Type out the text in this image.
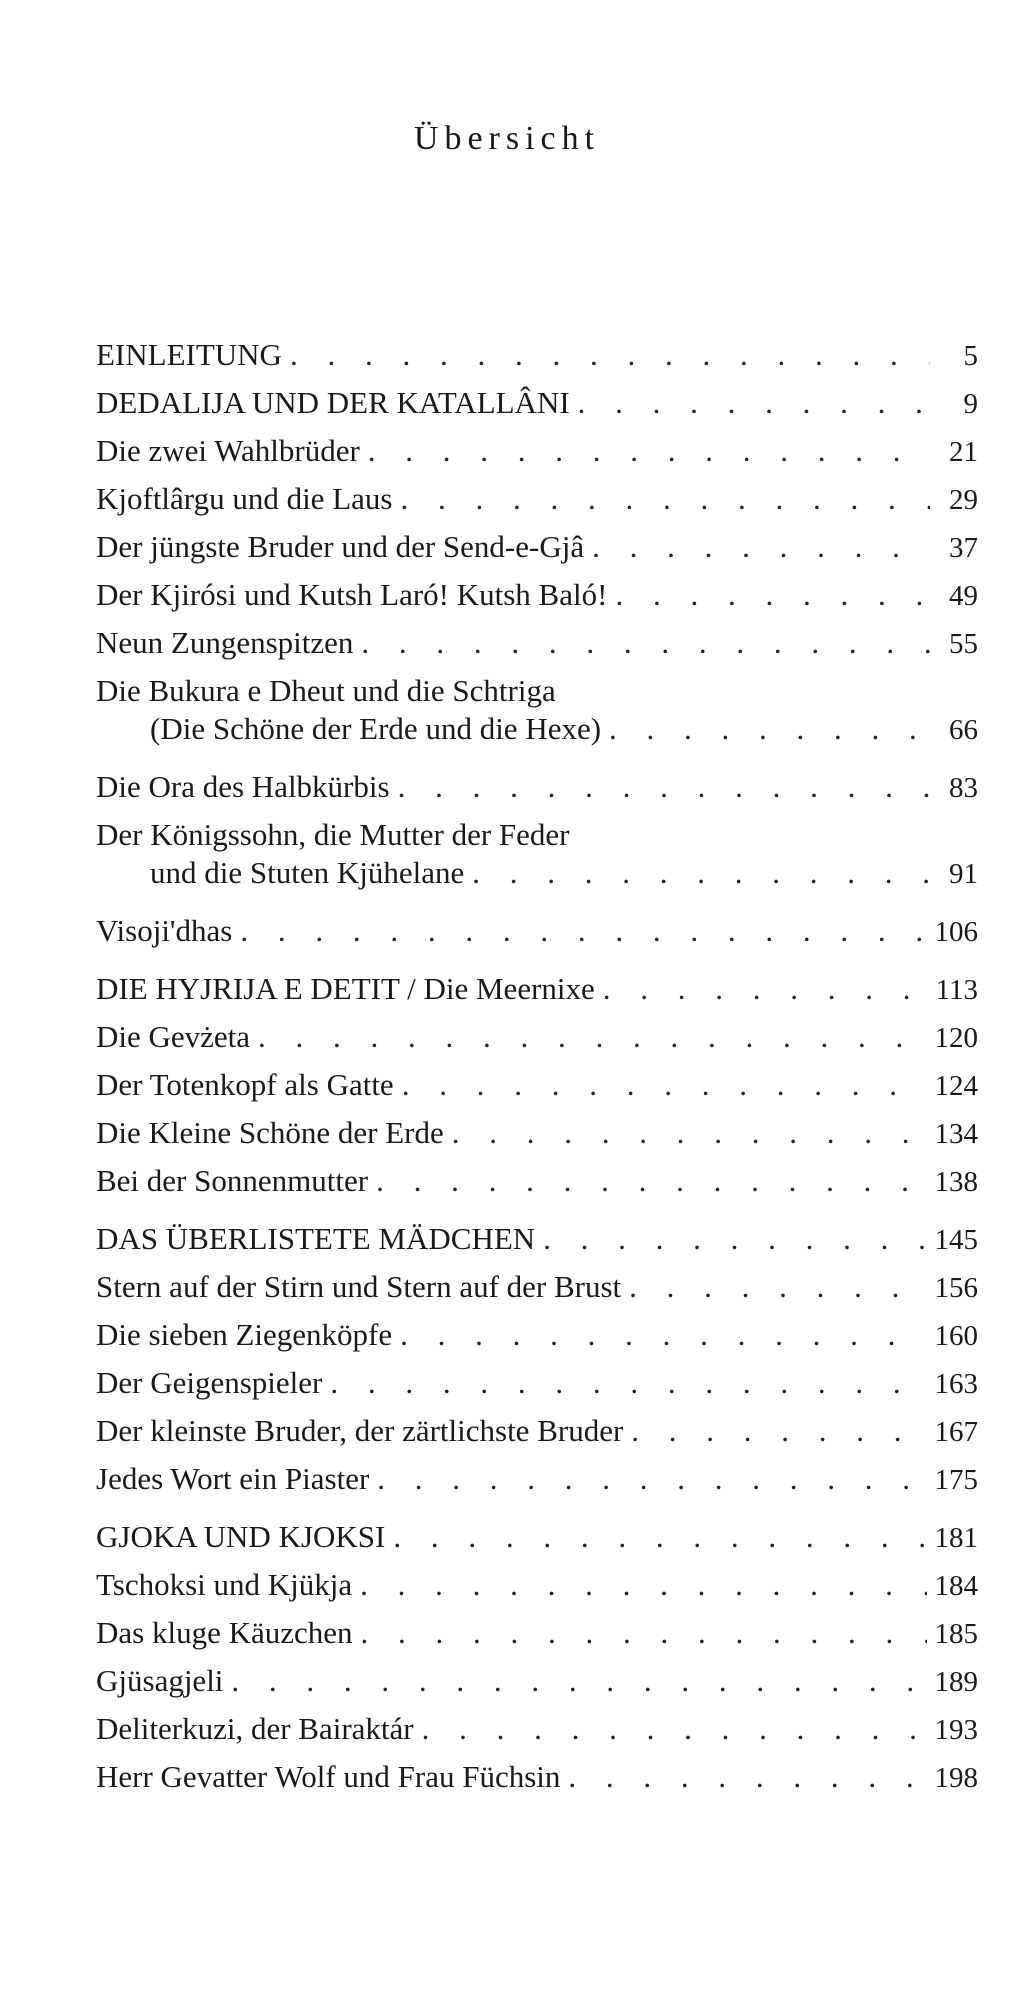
Übersicht
EINLEITUNG . . .	5
DEDALIJA UND DER KATALLÂNI . . .	9
Die zwei Wahlbrüder . . .	21
Kjoftlârgu und die Laus . . .	29
Der jüngste Bruder und der Send-e-Gjâ . . .	37
Der Kjirósi und Kutsh Laró! Kutsh Baló! . . .	49
Neun Zungenspitzen . . .	55
Die Bukura e Dheut und die Schtriga
(Die Schöne der Erde und die Hexe) . . .	66
Die Ora des Halbkürbis . . .	83
Der Königssohn, die Mutter der Feder
und die Stuten Kjühelane . . .	91
Visoji'dhas . . .	106
DIE HYJRIJA E DETIT / Die Meernixe . . .	113
Die Gevżeta . . .	120
Der Totenkopf als Gatte . . .	124
Die Kleine Schöne der Erde . . .	134
Bei der Sonnenmutter . . .	138
DAS ÜBERLISTETE MÄDCHEN . . .	145
Stern auf der Stirn und Stern auf der Brust . . .	156
Die sieben Ziegenköpfe . . .	160
Der Geigenspieler . . .	163
Der kleinste Bruder, der zärtlichste Bruder . . .	167
Jedes Wort ein Piaster . . .	175
GJOKA UND KJOKSI . . .	181
Tschoksi und Kjükja . . .	184
Das kluge Käuzchen . . .	185
Gjüsagjeli . . .	189
Deliterkuzi, der Bairaktár . . .	193
Herr Gevatter Wolf und Frau Füchsin . . .	198
